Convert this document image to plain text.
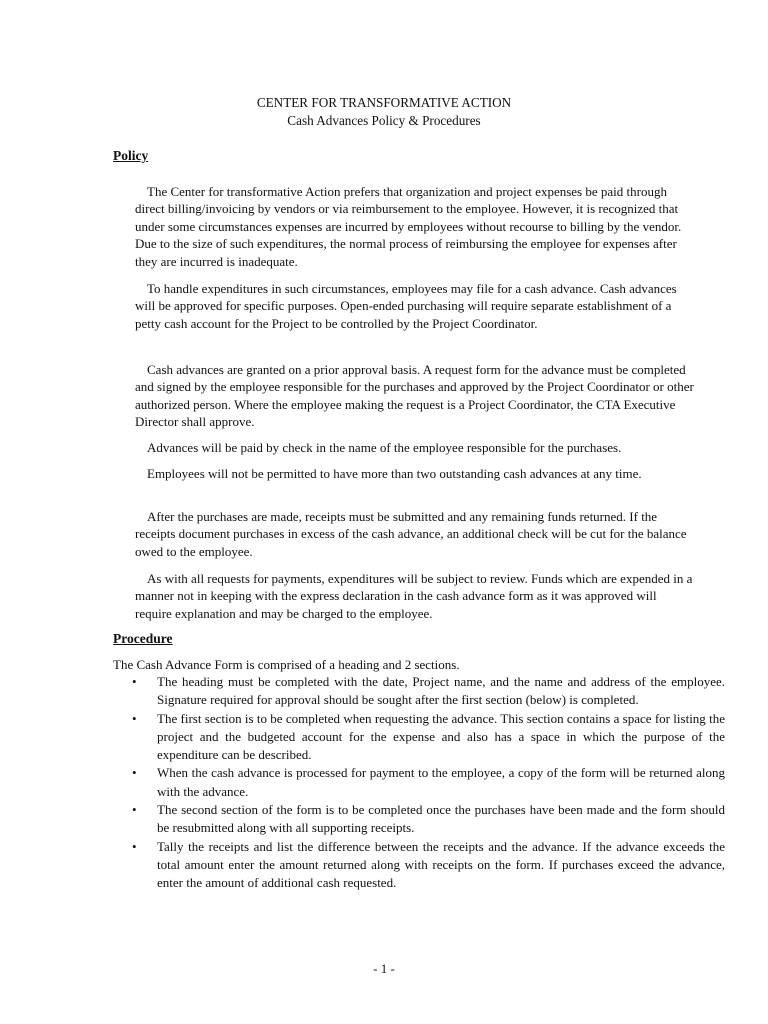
CENTER FOR TRANSFORMATIVE ACTION
Cash Advances Policy & Procedures
Policy

The Center for transformative Action prefers that organization and project expenses be paid through direct billing/invoicing by vendors or via reimbursement to the employee. However, it is recognized that under some circumstances expenses are incurred by employees without recourse to billing by the vendor. Due to the size of such expenditures, the normal process of reimbursing the employee for expenses after they are incurred is inadequate.

To handle expenditures in such circumstances, employees may file for a cash advance. Cash advances will be approved for specific purposes. Open-ended purchasing will require separate establishment of a petty cash account for the Project to be controlled by the Project Coordinator.

Cash advances are granted on a prior approval basis. A request form for the advance must be completed and signed by the employee responsible for the purchases and approved by the Project Coordinator or other authorized person. Where the employee making the request is a Project Coordinator, the CTA Executive Director shall approve.

Advances will be paid by check in the name of the employee responsible for the purchases.

Employees will not be permitted to have more than two outstanding cash advances at any time.

After the purchases are made, receipts must be submitted and any remaining funds returned. If the receipts document purchases in excess of the cash advance, an additional check will be cut for the balance owed to the employee.

As with all requests for payments, expenditures will be subject to review. Funds which are expended in a manner not in keeping with the express declaration in the cash advance form as it was approved will require explanation and may be charged to the employee.

Procedure

The Cash Advance Form is comprised of a heading and 2 sections.

• The heading must be completed with the date, Project name, and the name and address of the employee. Signature required for approval should be sought after the first section (below) is completed.
• The first section is to be completed when requesting the advance. This section contains a space for listing the project and the budgeted account for the expense and also has a space in which the purpose of the expenditure can be described.
• When the cash advance is processed for payment to the employee, a copy of the form will be returned along with the advance.
• The second section of the form is to be completed once the purchases have been made and the form should be resubmitted along with all supporting receipts.
• Tally the receipts and list the difference between the receipts and the advance. If the advance exceeds the total amount enter the amount returned along with receipts on the form. If purchases exceed the advance, enter the amount of additional cash requested.
- 1 -
